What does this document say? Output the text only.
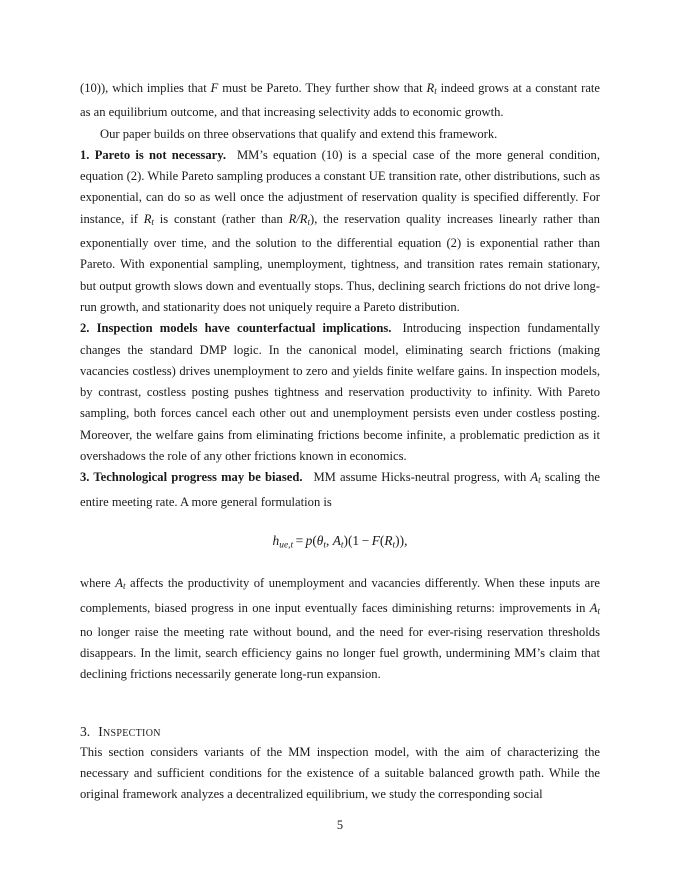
(10)), which implies that F must be Pareto. They further show that $R_t$ indeed grows at a constant rate as an equilibrium outcome, and that increasing selectivity adds to economic growth.

Our paper builds on three observations that qualify and extend this framework.

1. Pareto is not necessary. MM’s equation (10) is a special case of the more general condition, equation (2). While Pareto sampling produces a constant UE transition rate, other distributions, such as exponential, can do so as well once the adjustment of reservation quality is specified differently. For instance, if $R_t$ is constant (rather than $R/R_t$), the reservation quality increases linearly rather than exponentially over time, and the solution to the differential equation (2) is exponential rather than Pareto. With exponential sampling, unemployment, tightness, and transition rates remain stationary, but output growth slows down and eventually stops. Thus, declining search frictions do not drive long-run growth, and stationarity does not uniquely require a Pareto distribution.

2. Inspection models have counterfactual implications. Introducing inspection fundamentally changes the standard DMP logic. In the canonical model, eliminating search frictions (making vacancies costless) drives unemployment to zero and yields finite welfare gains. In inspection models, by contrast, costless posting pushes tightness and reservation productivity to infinity. With Pareto sampling, both forces cancel each other out and unemployment persists even under costless posting. Moreover, the welfare gains from eliminating frictions become infinite, a problematic prediction as it overshadows the role of any other frictions known in economics.

3. Technological progress may be biased. MM assume Hicks-neutral progress, with $A_t$ scaling the entire meeting rate. A more general formulation is

$h_{ue,t} = p(\theta_t$, $A_t)(1 - F(R_t))$,

where $A_t$ affects the productivity of unemployment and vacancies differently. When these inputs are complements, biased progress in one input eventually faces diminishing returns: improvements in $A_t$ no longer raise the meeting rate without bound, and the need for ever-rising reservation thresholds disappears. In the limit, search efficiency gains no longer fuel growth, undermining MM’s claim that declining frictions necessarily generate long-run expansion.

3. Inspection

This section considers variants of the MM inspection model, with the aim of characterizing the necessary and sufficient conditions for the existence of a suitable balanced growth path. While the original framework analyzes a decentralized equilibrium, we study the corresponding social

5
